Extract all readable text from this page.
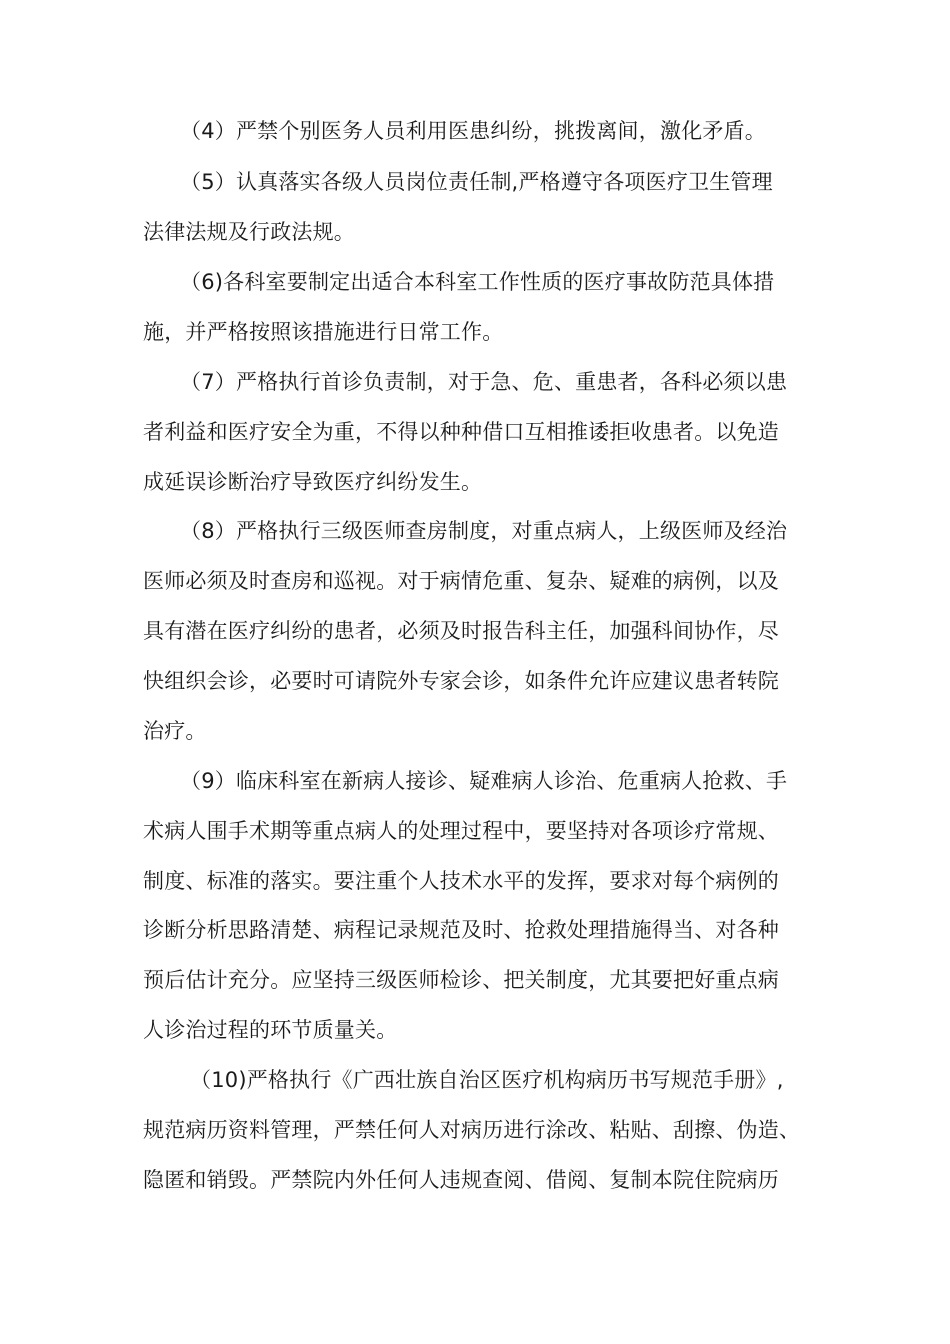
（4）严禁个别医务人员利用医患纠纷，挑拨离间，激化矛盾。
（5）认真落实各级人员岗位责任制,严格遵守各项医疗卫生管理
法律法规及行政法规。
（6)各科室要制定出适合本科室工作性质的医疗事故防范具体措
施，并严格按照该措施进行日常工作。
（7）严格执行首诊负责制，对于急、危、重患者，各科必须以患
者利益和医疗安全为重，不得以种种借口互相推诿拒收患者。以免造
成延误诊断治疗导致医疗纠纷发生。
（8）严格执行三级医师查房制度，对重点病人，上级医师及经治
医师必须及时查房和巡视。对于病情危重、复杂、疑难的病例，以及
具有潜在医疗纠纷的患者，必须及时报告科主任，加强科间协作，尽
快组织会诊，必要时可请院外专家会诊，如条件允许应建议患者转院
治疗。
（9）临床科室在新病人接诊、疑难病人诊治、危重病人抢救、手
术病人围手术期等重点病人的处理过程中，要坚持对各项诊疗常规、
制度、标准的落实。要注重个人技术水平的发挥，要求对每个病例的
诊断分析思路清楚、病程记录规范及时、抢救处理措施得当、对各种
预后估计充分。应坚持三级医师检诊、把关制度，尤其要把好重点病
人诊治过程的环节质量关。
（10)严格执行《广西壮族自治区医疗机构病历书写规范手册》,
规范病历资料管理，严禁任何人对病历进行涂改、粘贴、刮擦、伪造、
隐匿和销毁。严禁院内外任何人违规查阅、借阅、复制本院住院病历
